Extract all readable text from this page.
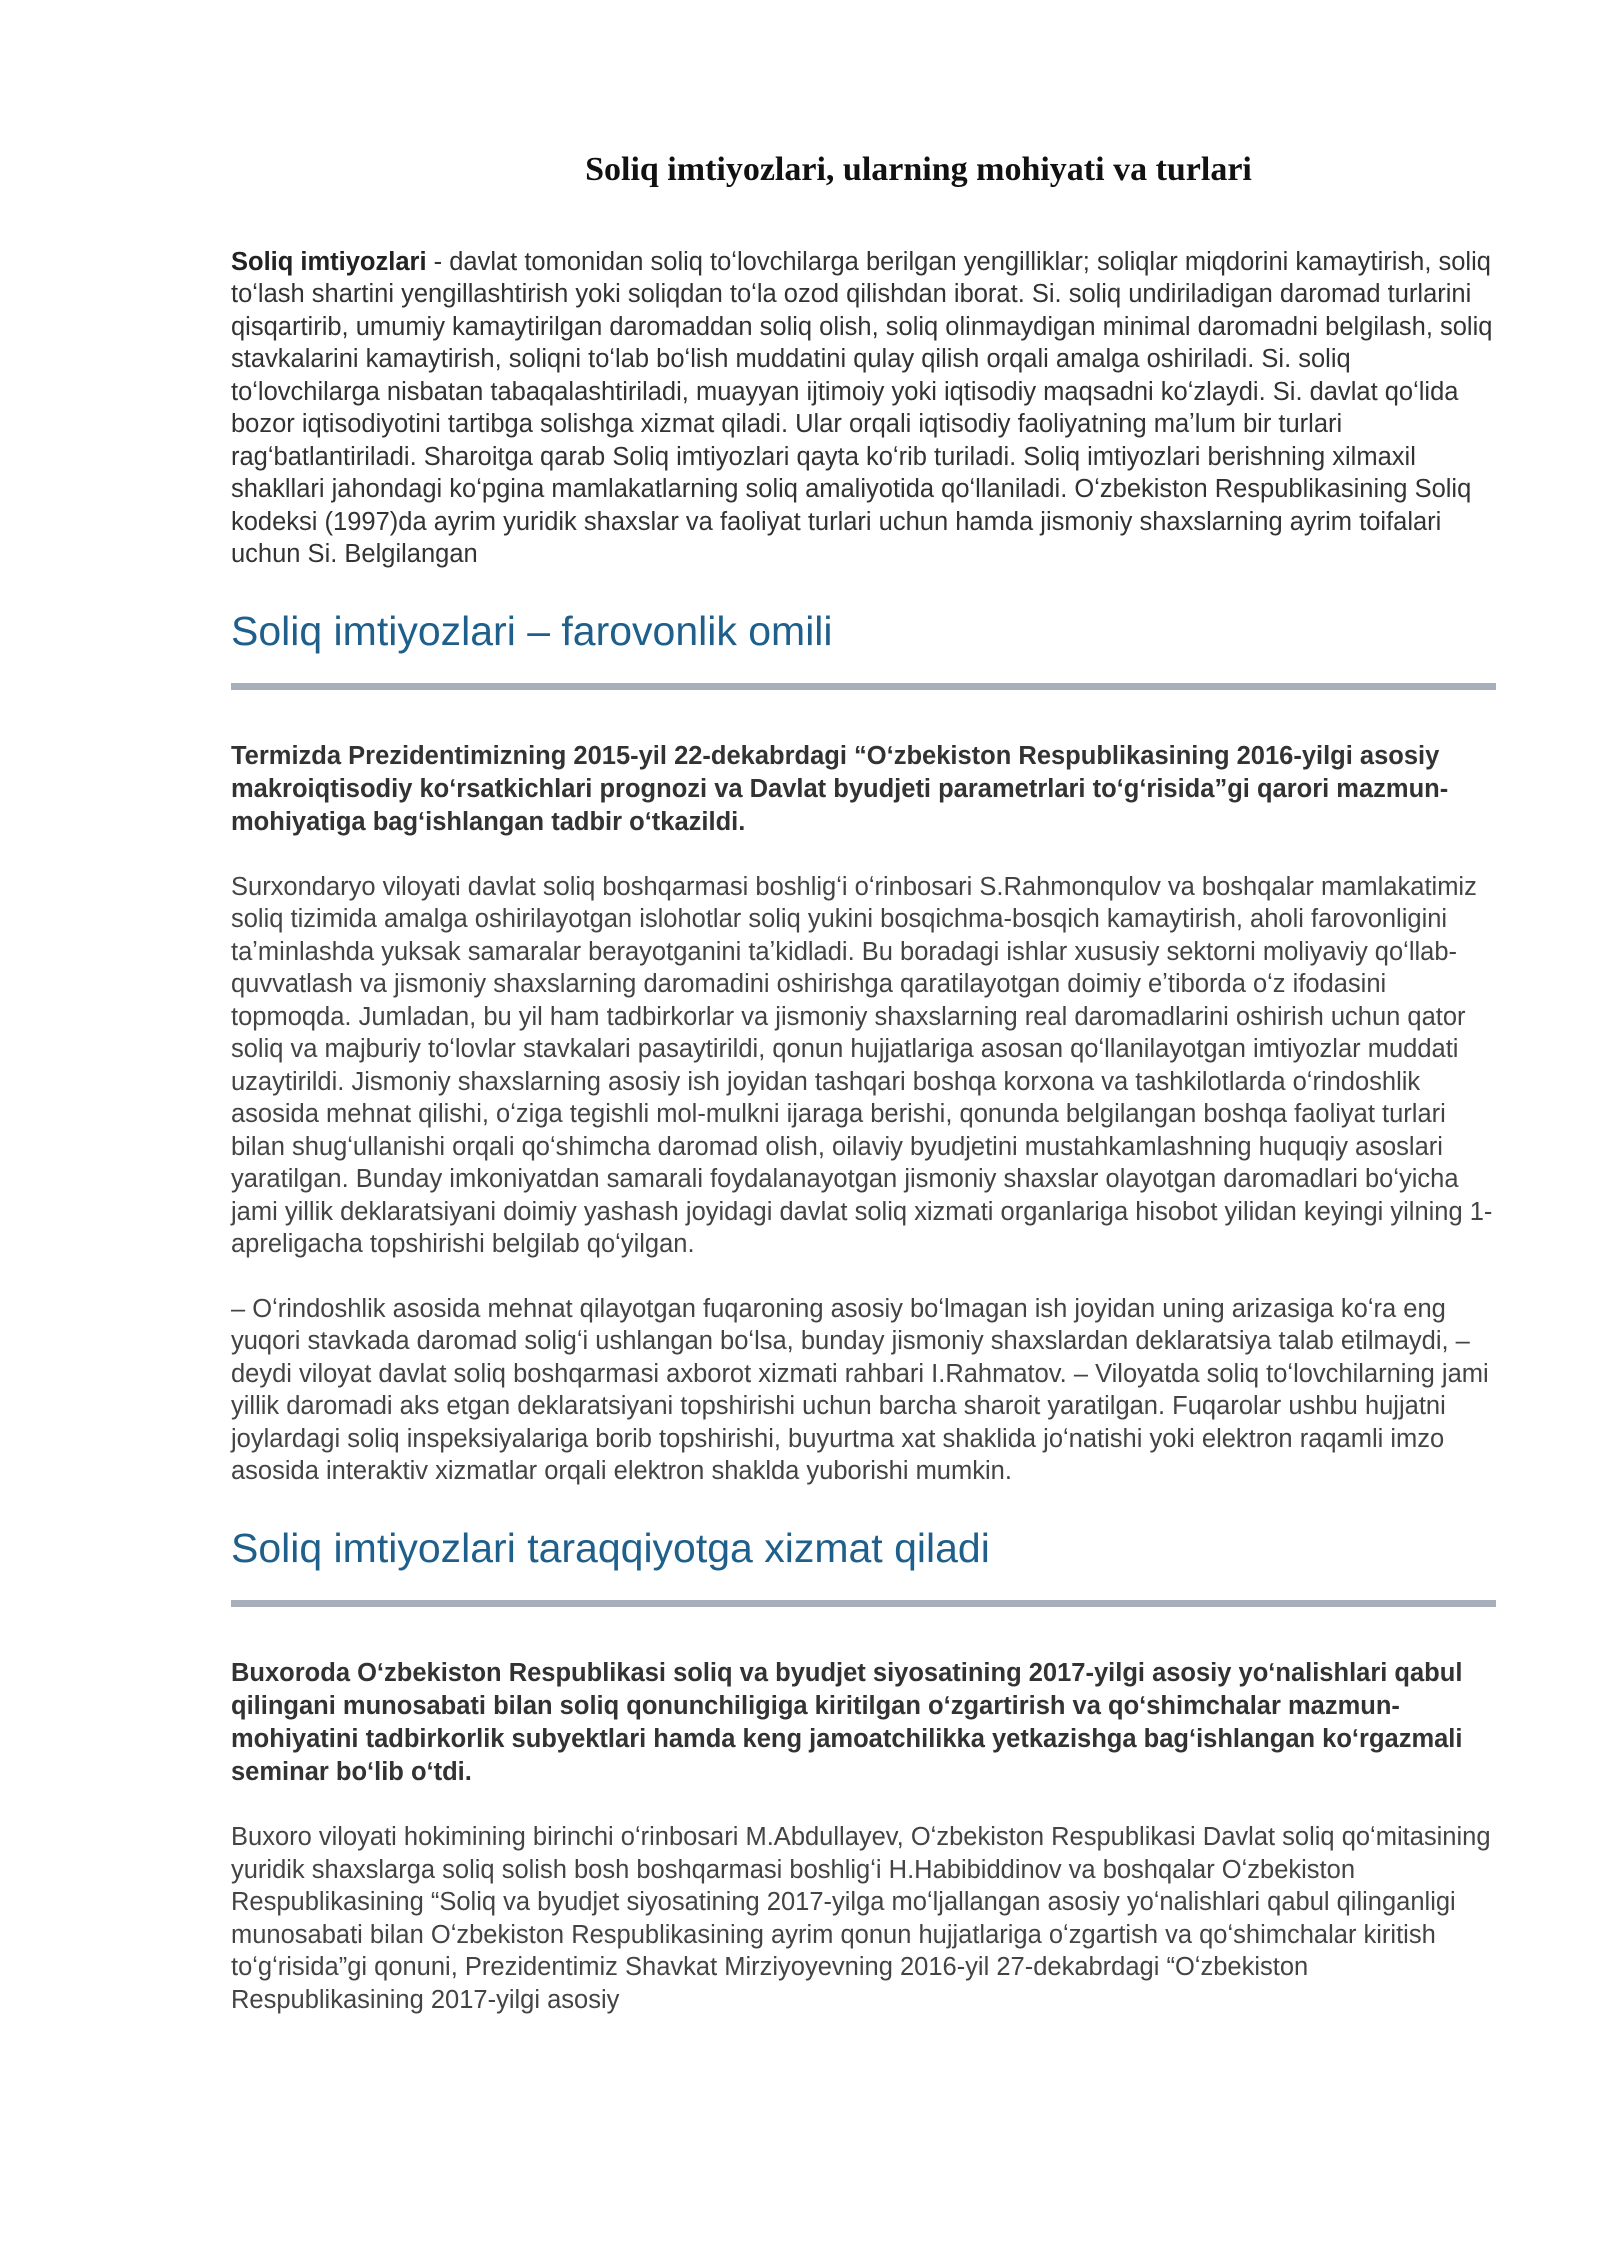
Soliq imtiyozlari, ularning mohiyati va turlari

Soliq imtiyozlari - davlat tomonidan soliq toʻlovchilarga berilgan yengilliklar; soliqlar miqdorini kamaytirish, soliq toʻlash shartini yengillashtirish yoki soliqdan toʻla ozod qilishdan iborat. Si. soliq undiriladigan daromad turlarini qisqartirib, umumiy kamaytirilgan daromaddan soliq olish, soliq olinmaydigan minimal daromadni belgilash, soliq stavkalarini kamaytirish, soliqni toʻlab boʻlish muddatini qulay qilish orqali amalga oshiriladi. Si. soliq toʻlovchilarga nisbatan tabaqalashtiriladi, muayyan ijtimoiy yoki iqtisodiy maqsadni koʻzlaydi. Si. davlat qoʻlida bozor iqtisodiyotini tartibga solishga xizmat qiladi. Ular orqali iqtisodiy faoliyatning maʼlum bir turlari ragʻbatlantiriladi. Sharoitga qarab Soliq imtiyozlari qayta koʻrib turiladi. Soliq imtiyozlari berishning xilmaxil shakllari jahondagi koʻpgina mamlakatlarning soliq amaliyotida qoʻllaniladi. Oʻzbekiston Respublikasining Soliq kodeksi (1997)da ayrim yuridik shaxslar va faoliyat turlari uchun hamda jismoniy shaxslarning ayrim toifalari uchun Si. Belgilangan

Soliq imtiyozlari – farovonlik omili

Termizda Prezidentimizning 2015-yil 22-dekabrdagi “Oʻzbekiston Respublikasining 2016-yilgi asosiy makroiqtisodiy koʻrsatkichlari prognozi va Davlat byudjeti parametrlari toʻgʻrisida”gi qarori mazmun-mohiyatiga bagʻishlangan tadbir oʻtkazildi.

Surxondaryo viloyati davlat soliq boshqarmasi boshligʻi oʻrinbosari S.Rahmonqulov va boshqalar mamlakatimiz soliq tizimida amalga oshirilayotgan islohotlar soliq yukini bosqichma-bosqich kamaytirish, aholi farovonligini taʼminlashda yuksak samaralar berayotganini taʼkidladi. Bu boradagi ishlar xususiy sektorni moliyaviy qoʻllab-quvvatlash va jismoniy shaxslarning daromadini oshirishga qaratilayotgan doimiy eʼtiborda oʻz ifodasini topmoqda. Jumladan, bu yil ham tadbirkorlar va jismoniy shaxslarning real daromadlarini oshirish uchun qator soliq va majburiy toʻlovlar stavkalari pasaytirildi, qonun hujjatlariga asosan qoʻllanilayotgan imtiyozlar muddati uzaytirildi. Jismoniy shaxslarning asosiy ish joyidan tashqari boshqa korxona va tashkilotlarda oʻrindoshlik asosida mehnat qilishi, oʻziga tegishli mol-mulkni ijaraga berishi, qonunda belgilangan boshqa faoliyat turlari bilan shugʻullanishi orqali qoʻshimcha daromad olish, oilaviy byudjetini mustahkamlashning huquqiy asoslari yaratilgan. Bunday imkoniyatdan samarali foydalanayotgan jismoniy shaxslar olayotgan daromadlari boʻyicha jami yillik deklaratsiyani doimiy yashash joyidagi davlat soliq xizmati organlariga hisobot yilidan keyingi yilning 1-apreligacha topshirishi belgilab qoʻyilgan.

– Oʻrindoshlik asosida mehnat qilayotgan fuqaroning asosiy boʻlmagan ish joyidan uning arizasiga koʻra eng yuqori stavkada daromad soligʻi ushlangan boʻlsa, bunday jismoniy shaxslardan deklaratsiya talab etilmaydi, – deydi viloyat davlat soliq boshqarmasi axborot xizmati rahbari I.Rahmatov. – Viloyatda soliq toʻlovchilarning jami yillik daromadi aks etgan deklaratsiyani topshirishi uchun barcha sharoit yaratilgan. Fuqarolar ushbu hujjatni joylardagi soliq inspeksiyalariga borib topshirishi, buyurtma xat shaklida joʻnatishi yoki elektron raqamli imzo asosida interaktiv xizmatlar orqali elektron shakldа yuborishi mumkin.

Soliq imtiyozlari taraqqiyotga xizmat qiladi

Buxoroda Oʻzbekiston Respublikasi soliq va byudjet siyosatining 2017-yilgi asosiy yoʻnalishlari qabul qilingani munosabati bilan soliq qonunchiligiga kiritilgan oʻzgartirish va qoʻshimchalar mazmun-mohiyatini tadbirkorlik subyektlari hamda keng jamoatchilikka yetkazishga bagʻishlangan koʻrgazmali seminar boʻlib oʻtdi.

Buxoro viloyati hokimining birinchi oʻrinbosari M.Abdullayev, Oʻzbekiston Respublikasi Davlat soliq qoʻmitasining yuridik shaxslarga soliq solish bosh boshqarmasi boshligʻi H.Habibiddinov va boshqalar Oʻzbekiston Respublikasining “Soliq va byudjet siyosatining 2017-yilga moʻljallangan asosiy yoʻnalishlari qabul qilinganligi munosabati bilan Oʻzbekiston Respublikasining ayrim qonun hujjatlariga oʻzgartish va qoʻshimchalar kiritish toʻgʻrisida”gi qonuni, Prezidentimiz Shavkat Mirziyoyevning 2016-yil 27-dekabrdagi “Oʻzbekiston Respublikasining 2017-yilgi asosiy
